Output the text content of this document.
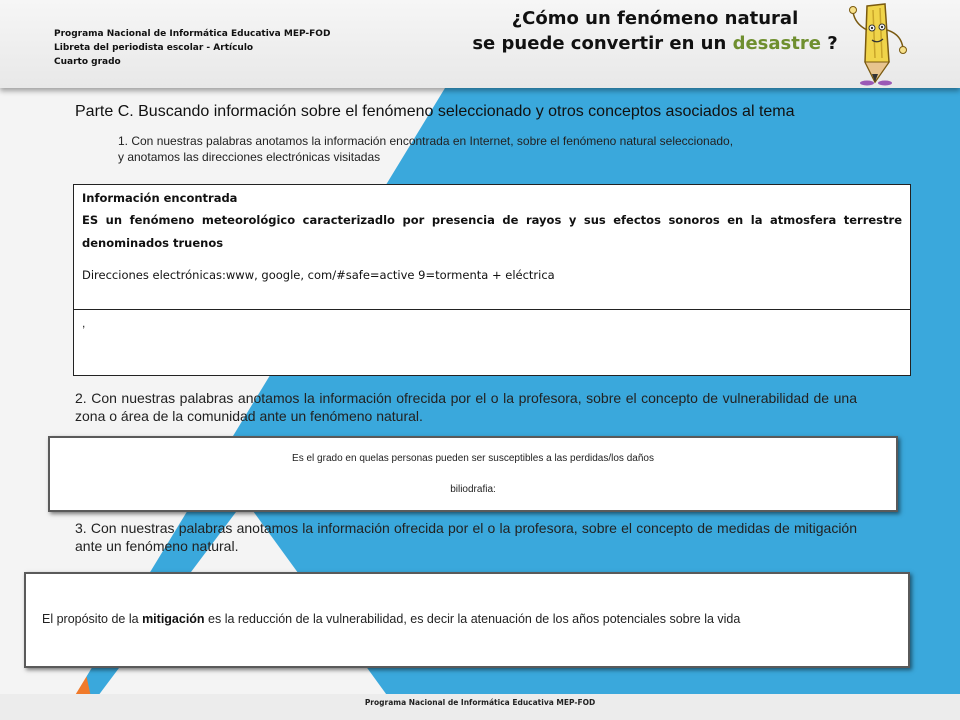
Programa Nacional de Informática Educativa MEP-FOD
Libreta del periodista escolar - Artículo
Cuarto grado
¿Cómo un fenómeno natural
se puede convertir en un desastre ?
Parte C. Buscando información sobre el fenómeno seleccionado y otros conceptos asociados al tema
1. Con nuestras palabras anotamos la información encontrada en Internet, sobre el fenómeno natural seleccionado,
y anotamos las direcciones electrónicas visitadas
Información encontrada
ES un fenómeno meteorológico caracterizadlo por presencia de rayos y sus efectos sonoros en la atmosfera terrestre denominados truenos
Direcciones electrónicas:www, google, com/#safe=active 9=tormenta + eléctrica
,
2. Con nuestras palabras anotamos la información ofrecida por el o la profesora, sobre el concepto de vulnerabilidad de una zona o área de la comunidad ante un fenómeno natural.
Es el grado en quelas personas pueden ser susceptibles a las perdidas/los daños
biliodrafia:
3. Con nuestras palabras anotamos la información ofrecida por el o la profesora, sobre el concepto de medidas de mitigación ante un fenómeno natural.
El propósito de la mitigación es la reducción de la vulnerabilidad, es decir la atenuación de los años potenciales sobre la vida
Programa Nacional de Informática Educativa MEP-FOD
